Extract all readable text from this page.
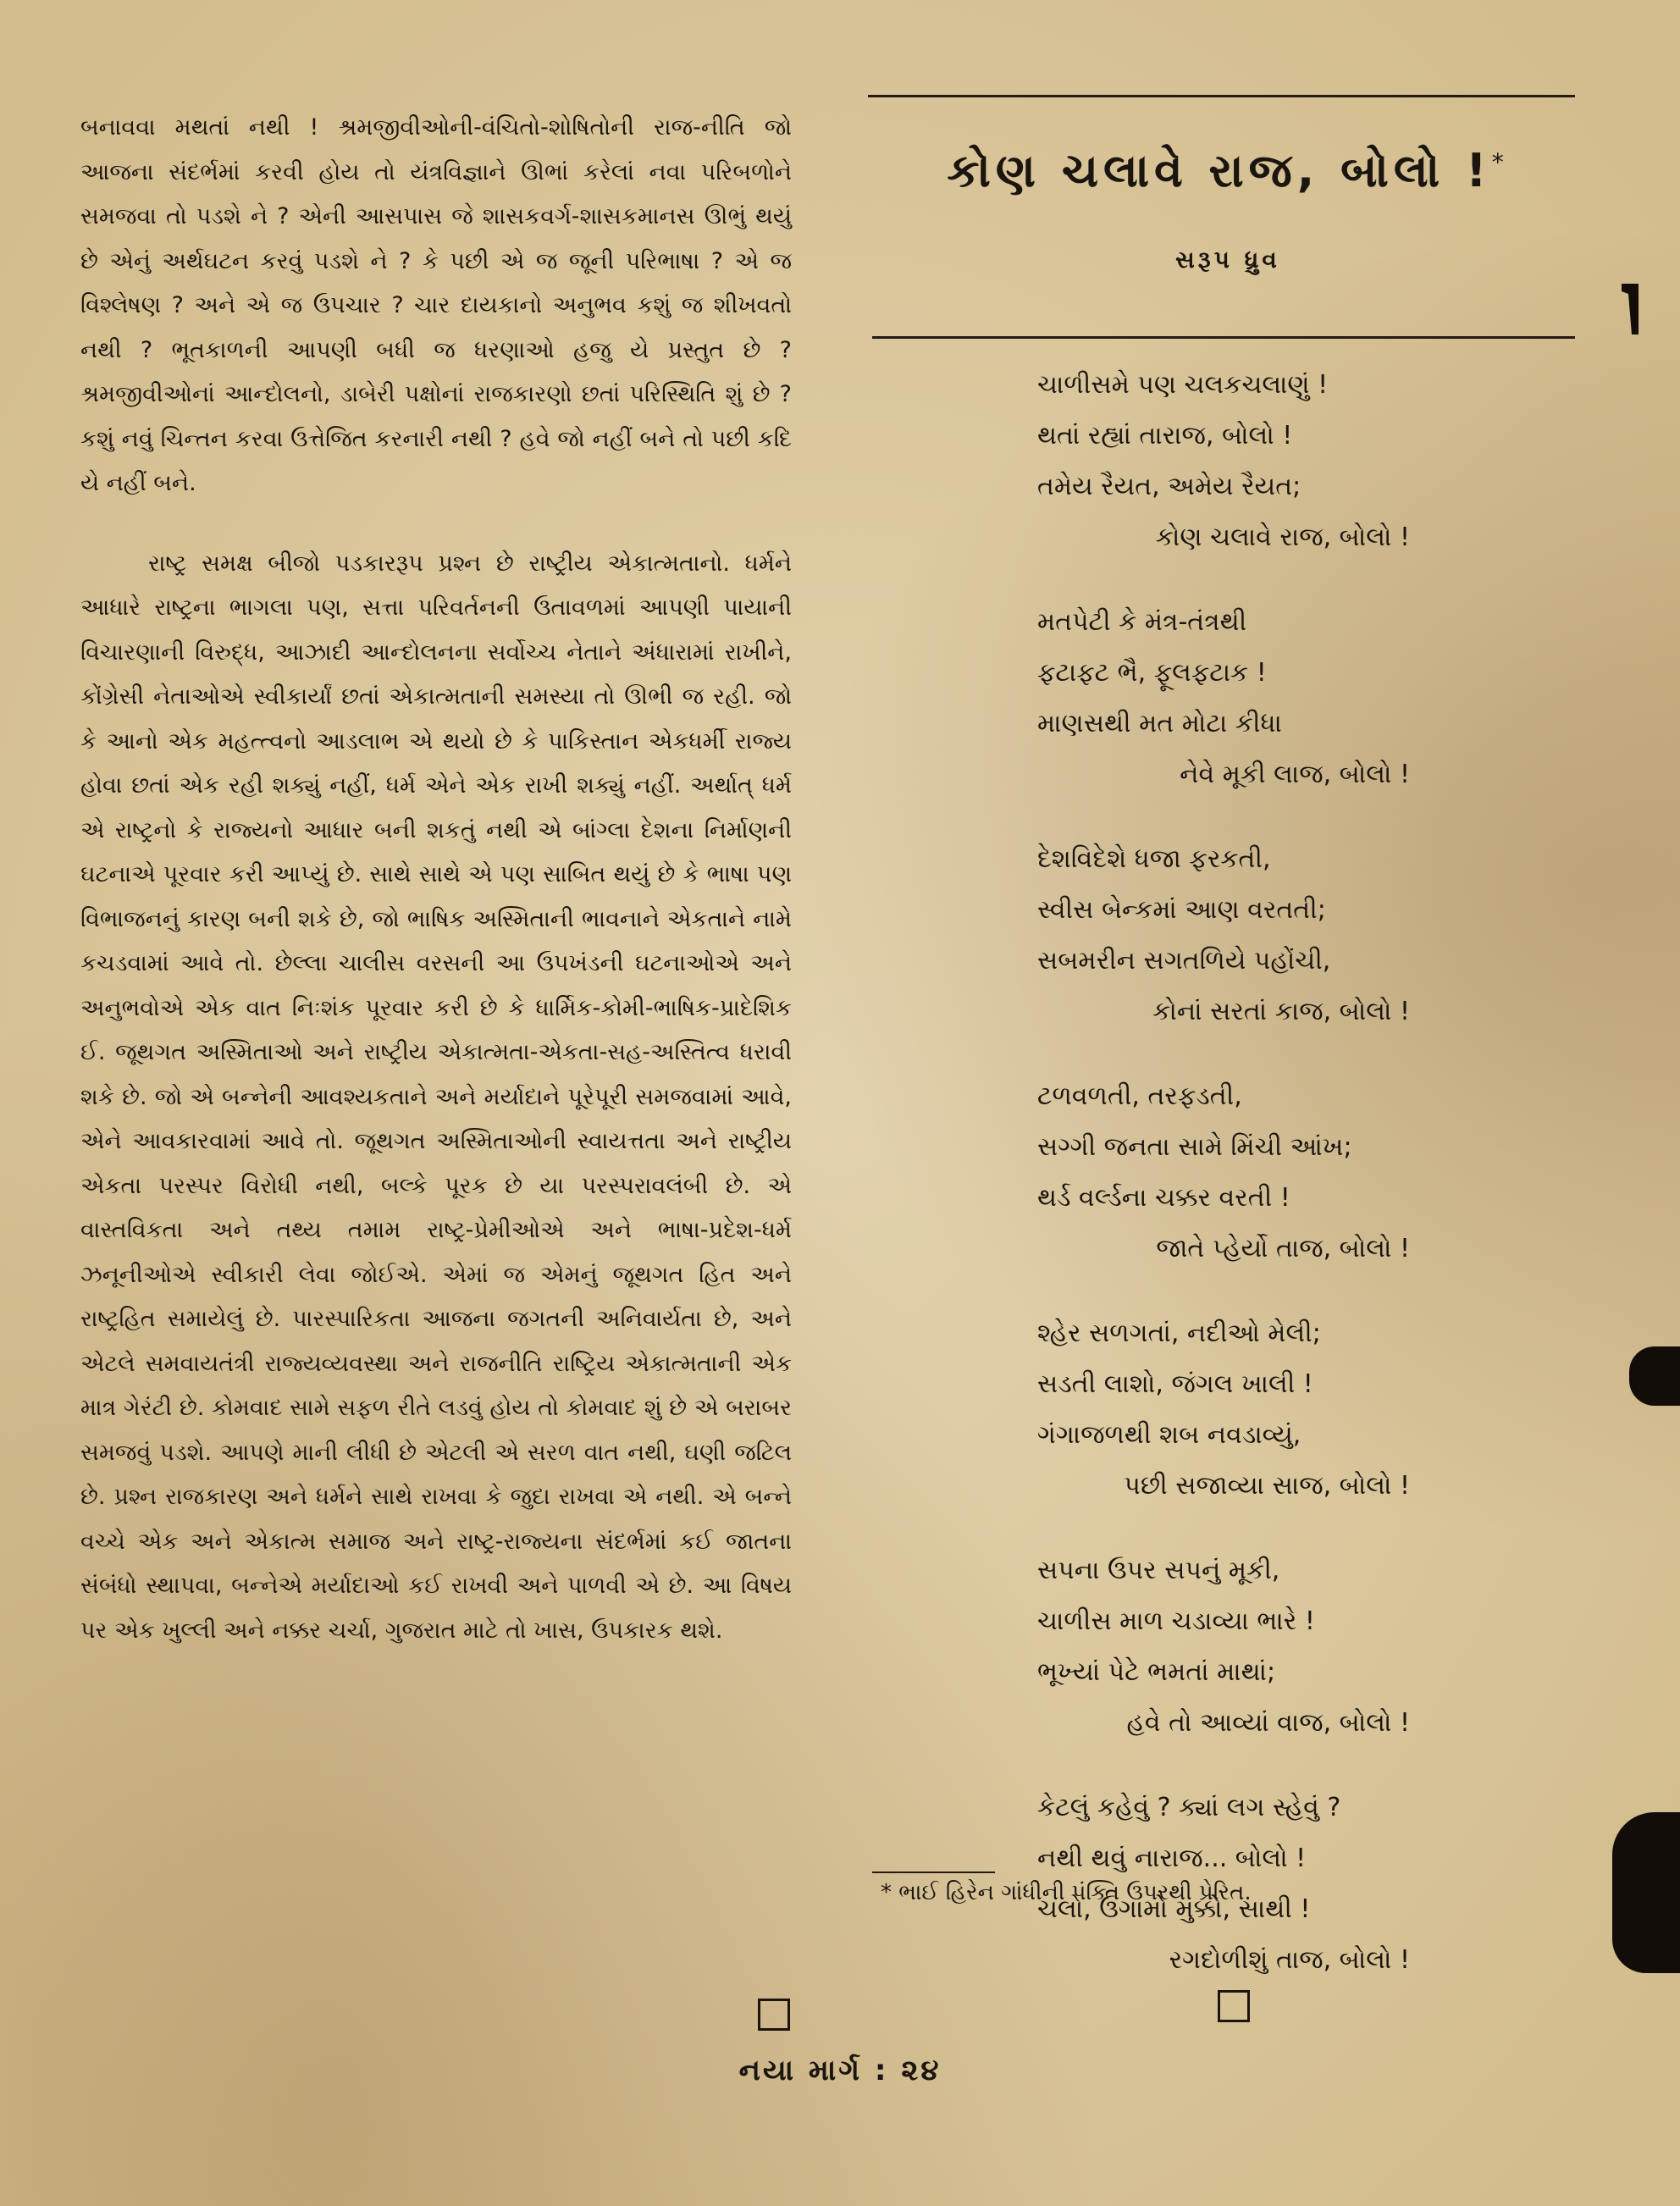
બનાવવા મથતાં નથી ! શ્રમજીવીઓની-વંચિતો-શોષિતોની રાજ-નીતિ જો આજના સંદર્ભમાં કરવી હોય તો યંત્રવિજ્ઞાને ઊભાં કરેલાં નવા પરિબળોને સમજવા તો પડશે ને ? એની આસપાસ જે શાસકવર્ગ-શાસકમાનસ ઊભું થયું છે એનું અર્થઘટન કરવું પડશે ને ? કે પછી એ જ જૂની પરિભાષા ? એ જ વિશ્લેષણ ? અને એ જ ઉપચાર ? ચાર દાયકાનો અનુભવ કશું જ શીખવતો નથી ? ભૂતકાળની આપણી બધી જ ધરણાઓ હજુ યે પ્રસ્તુત છે ? શ્રમજીવીઓનાં આન્દોલનો, ડાબેરી પક્ષોનાં રાજકારણો છતાં પરિસ્થિતિ શું છે ? કશું નવું ચિન્તન કરવા ઉત્તેજિત કરનારી નથી ? હવે જો નહીં બને તો પછી કદિ યે નહીં બને.

રાષ્ટ્ર સમક્ષ બીજો પડકારરૂપ પ્રશ્ન છે રાષ્ટ્રીય એકાત્મતાનો. ધર્મને આધારે રાષ્ટ્રના ભાગલા પણ, સત્તા પરિવર્તનની ઉતાવળમાં આપણી પાયાની વિચારણાની વિરુદ્ધ, આઝાદી આન્દોલનના સર્વોચ્ચ નેતાને અંધારામાં રાખીને, કોંગ્રેસી નેતાઓએ સ્વીકાર્યાં છતાં એકાત્મતાની સમસ્યા તો ઊભી જ રહી. જો કે આનો એક મહત્ત્વનો આડલાભ એ થયો છે કે પાકિસ્તાન એકધર્મી રાજ્ય હોવા છતાં એક રહી શક્યું નહીં, ધર્મ એને એક રાખી શક્યું નહીં. અર્થાત્ ધર્મ એ રાષ્ટ્રનો કે રાજ્યનો આધાર બની શકતું નથી એ બાંગ્લા દેશના નિર્માણની ઘટનાએ પૂરવાર કરી આપ્યું છે. સાથે સાથે એ પણ સાબિત થયું છે કે ભાષા પણ વિભાજનનું કારણ બની શકે છે, જો ભાષિક અસ્મિતાની ભાવનાને એકતાને નામે કચડવામાં આવે તો. છેલ્લા ચાલીસ વરસની આ ઉપખંડની ઘટનાઓએ અને અનુભવોએ એક વાત નિઃશંક પૂરવાર કરી છે કે ધાર્મિક-કોમી-ભાષિક-પ્રાદેશિક ઈ. જૂથગત અસ્મિતાઓ અને રાષ્ટ્રીય એકાત્મતા-એકતા-સહ-અસ્તિત્વ ધરાવી શકે છે. જો એ બન્નેની આવશ્યકતાને અને મર્યાદાને પૂરેપૂરી સમજવામાં આવે, એને આવકારવામાં આવે તો. જૂથગત અસ્મિતાઓની સ્વાયત્તતા અને રાષ્ટ્રીય એકતા પરસ્પર વિરોધી નથી, બલ્કે પૂરક છે યા પરસ્પરાવલંબી છે. એ વાસ્તવિકતા અને તથ્ય તમામ રાષ્ટ્ર-પ્રેમીઓએ અને ભાષા-પ્રદેશ-ધર્મ ઝનૂનીઓએ સ્વીકારી લેવા જોઈએ. એમાં જ એમનું જૂથગત હિત અને રાષ્ટ્રહિત સમાયેલું છે. પારસ્પારિકતા આજના જગતની અનિવાર્યતા છે, અને એટલે સમવાયતંત્રી રાજ્યવ્યવસ્થા અને રાજનીતિ રાષ્ટ્રિય એકાત્મતાની એક માત્ર ગેરંટી છે. કોમવાદ સામે સફળ રીતે લડવું હોય તો કોમવાદ શું છે એ બરાબર સમજવું પડશે. આપણે માની લીધી છે એટલી એ સરળ વાત નથી, ઘણી જટિલ છે. પ્રશ્ન રાજકારણ અને ધર્મને સાથે રાખવા કે જુદા રાખવા એ નથી. એ બન્ને વચ્ચે એક અને એકાત્મ સમાજ અને રાષ્ટ્ર-રાજ્યના સંદર્ભમાં કઈ જાતના સંબંધો સ્થાપવા, બન્નેએ મર્યાદાઓ કઈ રાખવી અને પાળવી એ છે. આ વિષય પર એક ખુલ્લી અને નક્કર ચર્ચા, ગુજરાત માટે તો ખાસ, ઉપકારક થશે.

કોણ ચલાવે રાજ, બોલો !*
સરૂપ ધ્રુવ
ચાળીસમે પણ ચલકચલાણું !
થતાં રહ્યાં તારાજ, બોલો !
તમેય રૈયત, અમેય રૈયત;
કોણ ચલાવે રાજ, બોલો !
મતપેટી કે મંત્ર-તંત્રથી
ફટાફટ ભૈ, ફૂલફટાક !
માણસથી મત મોટા કીધા
નેવે મૂકી લાજ, બોલો !
દેશવિદેશે ધજા ફરકતી,
સ્વીસ બેન્કમાં આણ વરતતી;
સબમરીન સગતળિયે પહોંચી,
કોનાં સરતાં કાજ, બોલો !
ટળવળતી, તરફડતી,
સગ્ગી જનતા સામે મિંચી આંખ;
થર્ડ વર્લ્ડના ચક્કર વરતી !
જાતે પ્હેર્યો તાજ, બોલો !
શ્હેર સળગતાં, નદીઓ મેલી;
સડતી લાશો, જંગલ ખાલી !
ગંગાજળથી શબ નવડાવ્યું,
પછી સજાવ્યા સાજ, બોલો !
સપના ઉપર સપનું મૂકી,
ચાળીસ માળ ચડાવ્યા ભારે !
ભૂખ્યાં પેટે ભમતાં માથાં;
હવે તો આવ્યાં વાજ, બોલો !
કેટલું કહેવું ? ક્યાં લગ સ્હેવું ?
નથી થવું નારાજ... બોલો !
ચલો, ઉગામો મુક્કો, સાથી !
રગદોળીશું તાજ, બોલો !
* ભાઈ હિરેન ગાંધીની પંક્તિ ઉપરથી પ્રેરિત.
નયા માર્ગ : ૨૪
